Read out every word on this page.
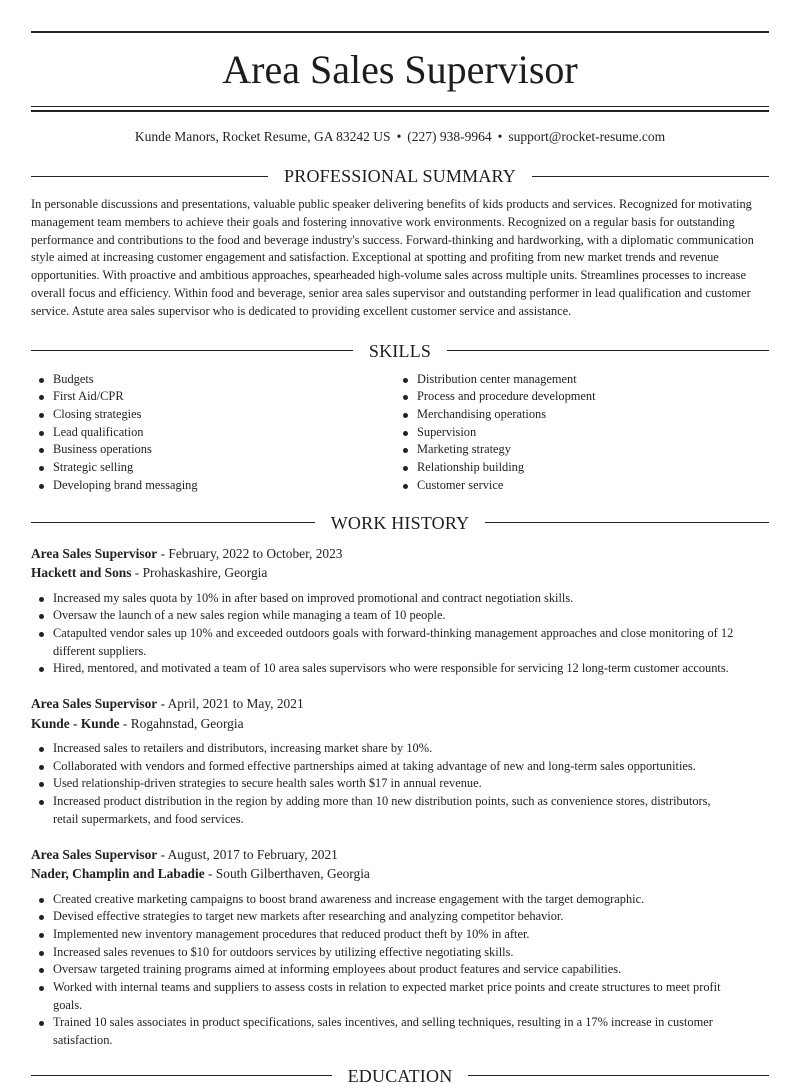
Area Sales Supervisor
Kunde Manors, Rocket Resume, GA 83242 US • (227) 938-9964 • support@rocket-resume.com
PROFESSIONAL SUMMARY

In personable discussions and presentations, valuable public speaker delivering benefits of kids products and services. Recognized for motivating management team members to achieve their goals and fostering innovative work environments. Recognized on a regular basis for outstanding performance and contributions to the food and beverage industry's success. Forward-thinking and hardworking, with a diplomatic communication style aimed at increasing customer engagement and satisfaction. Exceptional at spotting and profiting from new market trends and revenue opportunities. With proactive and ambitious approaches, spearheaded high-volume sales across multiple units. Streamlines processes to increase overall focus and efficiency. Within food and beverage, senior area sales supervisor and outstanding performer in lead qualification and customer service. Astute area sales supervisor who is dedicated to providing excellent customer service and assistance.

SKILLS
Budgets
First Aid/CPR
Closing strategies
Lead qualification
Business operations
Strategic selling
Developing brand messaging
Distribution center management
Process and procedure development
Merchandising operations
Supervision
Marketing strategy
Relationship building
Customer service
WORK HISTORY
Area Sales Supervisor - February, 2022 to October, 2023
Hackett and Sons - Prohaskashire, Georgia
Increased my sales quota by 10% in after based on improved promotional and contract negotiation skills.
Oversaw the launch of a new sales region while managing a team of 10 people.
Catapulted vendor sales up 10% and exceeded outdoors goals with forward-thinking management approaches and close monitoring of 12 different suppliers.
Hired, mentored, and motivated a team of 10 area sales supervisors who were responsible for servicing 12 long-term customer accounts.
Area Sales Supervisor - April, 2021 to May, 2021
Kunde - Kunde - Rogahnstad, Georgia
Increased sales to retailers and distributors, increasing market share by 10%.
Collaborated with vendors and formed effective partnerships aimed at taking advantage of new and long-term sales opportunities.
Used relationship-driven strategies to secure health sales worth $17 in annual revenue.
Increased product distribution in the region by adding more than 10 new distribution points, such as convenience stores, distributors, retail supermarkets, and food services.
Area Sales Supervisor - August, 2017 to February, 2021
Nader, Champlin and Labadie - South Gilberthaven, Georgia
Created creative marketing campaigns to boost brand awareness and increase engagement with the target demographic.
Devised effective strategies to target new markets after researching and analyzing competitor behavior.
Implemented new inventory management procedures that reduced product theft by 10% in after.
Increased sales revenues to $10 for outdoors services by utilizing effective negotiating skills.
Oversaw targeted training programs aimed at informing employees about product features and service capabilities.
Worked with internal teams and suppliers to assess costs in relation to expected market price points and create structures to meet profit goals.
Trained 10 sales associates in product specifications, sales incentives, and selling techniques, resulting in a 17% increase in customer satisfaction.
EDUCATION
